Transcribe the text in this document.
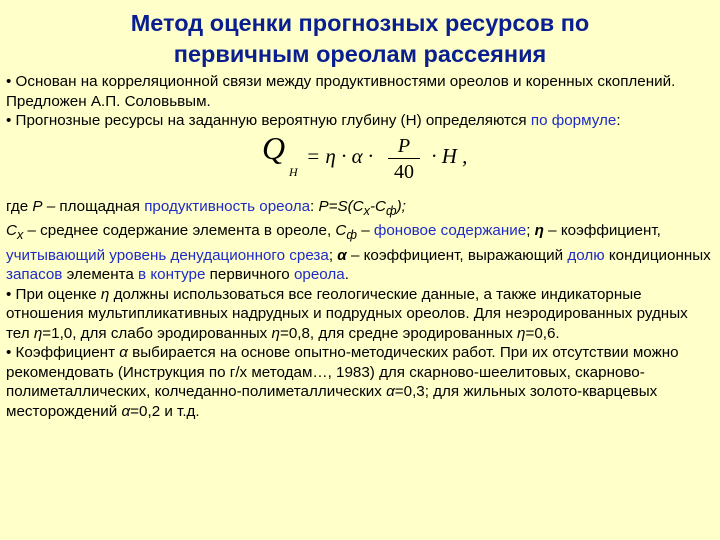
Метод оценки прогнозных ресурсов по
первичным ореолам рассеяния

• Основан на корреляционной связи между продуктивностями ореолов и коренных скоплений. Предложен А.П. Соловьвым.

• Прогнозные ресурсы на заданную вероятную глубину (Н) определяются по формуле:

Q
Н
= η · α · P
40
· H ,

где P – площадная продуктивность ореола: $P=S(C_x-C_ф)$;

$C_x$ – среднее содержание элемента в ореоле, $C_ф$ – фоновое содержание; η – коэффициент, учитывающий уровень денудационного среза; α – коэффициент, выражающий долю кондиционных запасов элемента в контуре первичного ореола.

• При оценке η должны использоваться все геологические данные, а также индикаторные отношения мультипликативных надрудных и подрудных ореолов. Для неэродированных рудных тел η=1,0, для слабо эродированных η=0,8, для средне эродированных η=0,6.

• Коэффициент α выбирается на основе опытно-методических работ. При их отсутствии можно рекомендовать (Инструкция по г/х методам…, 1983) для скарново-шеелитовых, скарново-полиметаллических, колчеданно-полиметаллических α=0,3; для жильных золото-кварцевых месторождений α=0,2 и т.д.
